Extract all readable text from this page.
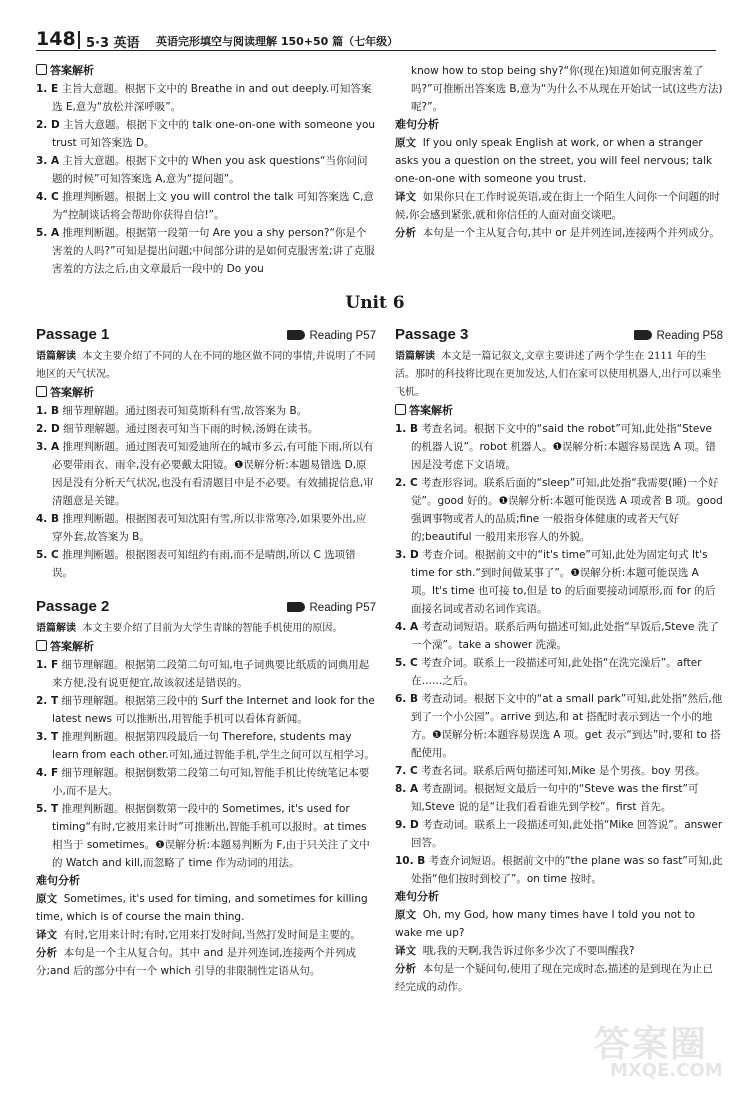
148 5·3 英语 英语完形填空与阅读理解 150+50 篇（七年级）

答案解析

1. E 主旨大意题。根据下文中的 Breathe in and out deeply.可知答案选 E,意为“放松并深呼吸”。

2. D 主旨大意题。根据下文中的 talk one-on-one with someone you trust 可知答案选 D。

3. A 主旨大意题。根据下文中的 When you ask questions“当你问问题的时候”可知答案选 A,意为“提问题”。

4. C 推理判断题。根据上文 you will control the talk 可知答案选 C,意为“控制谈话将会帮助你获得自信!”。

5. A 推理判断题。根据第一段第一句 Are you a shy person?“你是个害羞的人吗?”可知是提出问题;中间部分讲的是如何克服害羞;讲了克服害羞的方法之后,由文章最后一段中的 Do you

know how to stop being shy?“你(现在)知道如何克服害羞了吗?”可推断出答案选 B,意为“为什么不从现在开始试一试(这些方法)呢?”。

难句分析

原文 If you only speak English at work, or when a stranger asks you a question on the street, you will feel nervous; talk one-on-one with someone you trust.

译文 如果你只在工作时说英语,或在街上一个陌生人问你一个问题的时候,你会感到紧张,就和你信任的人面对面交谈吧。

分析 本句是一个主从复合句,其中 or 是并列连词,连接两个并列成分。

Unit 6
Passage 1	Reading P57

语篇解读 本文主要介绍了不同的人在不同的地区做不同的事情,并说明了不同地区的天气状况。

答案解析

1. B 细节理解题。通过图表可知莫斯科有雪,故答案为 B。

2. D 细节理解题。通过图表可知当下雨的时候,汤姆在读书。

3. A 推理判断题。通过图表可知爱迪所在的城市多云,有可能下雨,所以有必要带雨衣、雨伞,没有必要戴太阳镜。❶误解分析:本题易错选 D,原因是没有分析天气状况,也没有看清题目中是不必要。有效捕捉信息,审清题意是关键。

4. B 推理判断题。根据图表可知沈阳有雪,所以非常寒冷,如果要外出,应穿外套,故答案为 B。

5. C 推理判断题。根据图表可知纽约有雨,而不是晴朗,所以 C 选项错误。

Passage 2	Reading P57

语篇解读 本文主要介绍了目前为大学生青睐的智能手机使用的原因。

答案解析

1. F 细节理解题。根据第二段第二句可知,电子词典要比纸质的词典用起来方便,没有说更便宜,故该叙述是错误的。

2. T 细节理解题。根据第三段中的 Surf the Internet and look for the latest news 可以推断出,用智能手机可以看体育新闻。

3. T 推理判断题。根据第四段最后一句 Therefore, students may learn from each other.可知,通过智能手机,学生之间可以互相学习。

4. F 细节理解题。根据倒数第二段第二句可知,智能手机比传统笔记本要小,而不是大。

5. T 推理判断题。根据倒数第一段中的 Sometimes, it's used for timing“有时,它被用来计时”可推断出,智能手机可以报时。at times 相当于 sometimes。❶误解分析:本题易判断为 F,由于只关注了文中的 Watch and kill,而忽略了 time 作为动词的用法。

难句分析

原文 Sometimes, it's used for timing, and sometimes for killing time, which is of course the main thing.

译文 有时,它用来计时;有时,它用来打发时间,当然打发时间是主要的。

分析 本句是一个主从复合句。其中 and 是并列连词,连接两个并列成分;and 后的部分中有一个 which 引导的非限制性定语从句。

Passage 3	Reading P58

语篇解读 本文是一篇记叙文,文章主要讲述了两个学生在 2111 年的生活。那时的科技将比现在更加发达,人们在家可以使用机器人,出行可以乘坐飞机。

答案解析

1. B 考查名词。根据下文中的“said the robot”可知,此处指“Steve 的机器人说”。robot 机器人。❶误解分析:本题容易误选 A 项。错因是没考虑下文语境。

2. C 考查形容词。联系后面的“sleep”可知,此处指“我需要(睡)一个好觉”。good 好的。❶误解分析:本题可能误选 A 项或者 B 项。good 强调事物或者人的品质;fine 一般指身体健康的或者天气好的;beautiful 一般用来形容人的外貌。

3. D 考查介词。根据前文中的“it's time”可知,此处为固定句式 It's time for sth.“到时间做某事了”。❶误解分析:本题可能误选 A 项。It's time 也可接 to,但是 to 的后面要接动词原形,而 for 的后面接名词或者动名词作宾语。

4. A 考查动词短语。联系后两句描述可知,此处指“早饭后,Steve 洗了一个澡”。take a shower 洗澡。

5. C 考查介词。联系上一段描述可知,此处指“在洗完澡后”。after 在……之后。

6. B 考查动词。根据下文中的“at a small park”可知,此处指“然后,他到了一个小公园”。arrive 到达,和 at 搭配时表示到达一个小的地方。❶误解分析:本题容易误选 A 项。get 表示“到达”时,要和 to 搭配使用。

7. C 考查名词。联系后两句描述可知,Mike 是个男孩。boy 男孩。

8. A 考查副词。根据短文最后一句中的“Steve was the first”可知,Steve 说的是“让我们看看谁先到学校”。first 首先。

9. D 考查动词。联系上一段描述可知,此处指“Mike 回答说”。answer 回答。

10. B 考查介词短语。根据前文中的“the plane was so fast”可知,此处指“他们按时到校了”。on time 按时。

难句分析

原文 Oh, my God, how many times have I told you not to wake me up?

译文 哦,我的天啊,我告诉过你多少次了不要叫醒我?

分析 本句是一个疑问句,使用了现在完成时态,描述的是到现在为止已经完成的动作。

答案圈
MXQE.COM
